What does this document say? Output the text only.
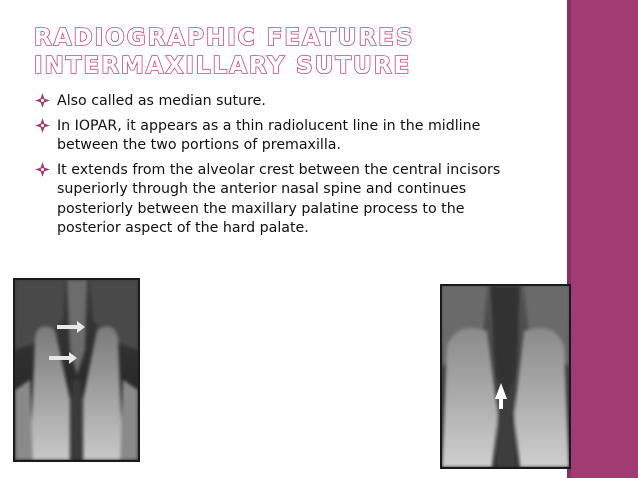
RADIOGRAPHIC FEATURES INTERMAXILLARY SUTURE
Also called as median suture.
In IOPAR, it appears as a thin radiolucent line in the midline between the two portions of premaxilla.
It extends from the alveolar crest between the central incisors superiorly through the anterior nasal spine and continues posteriorly between the maxillary palatine process to the posterior aspect of the hard palate.
